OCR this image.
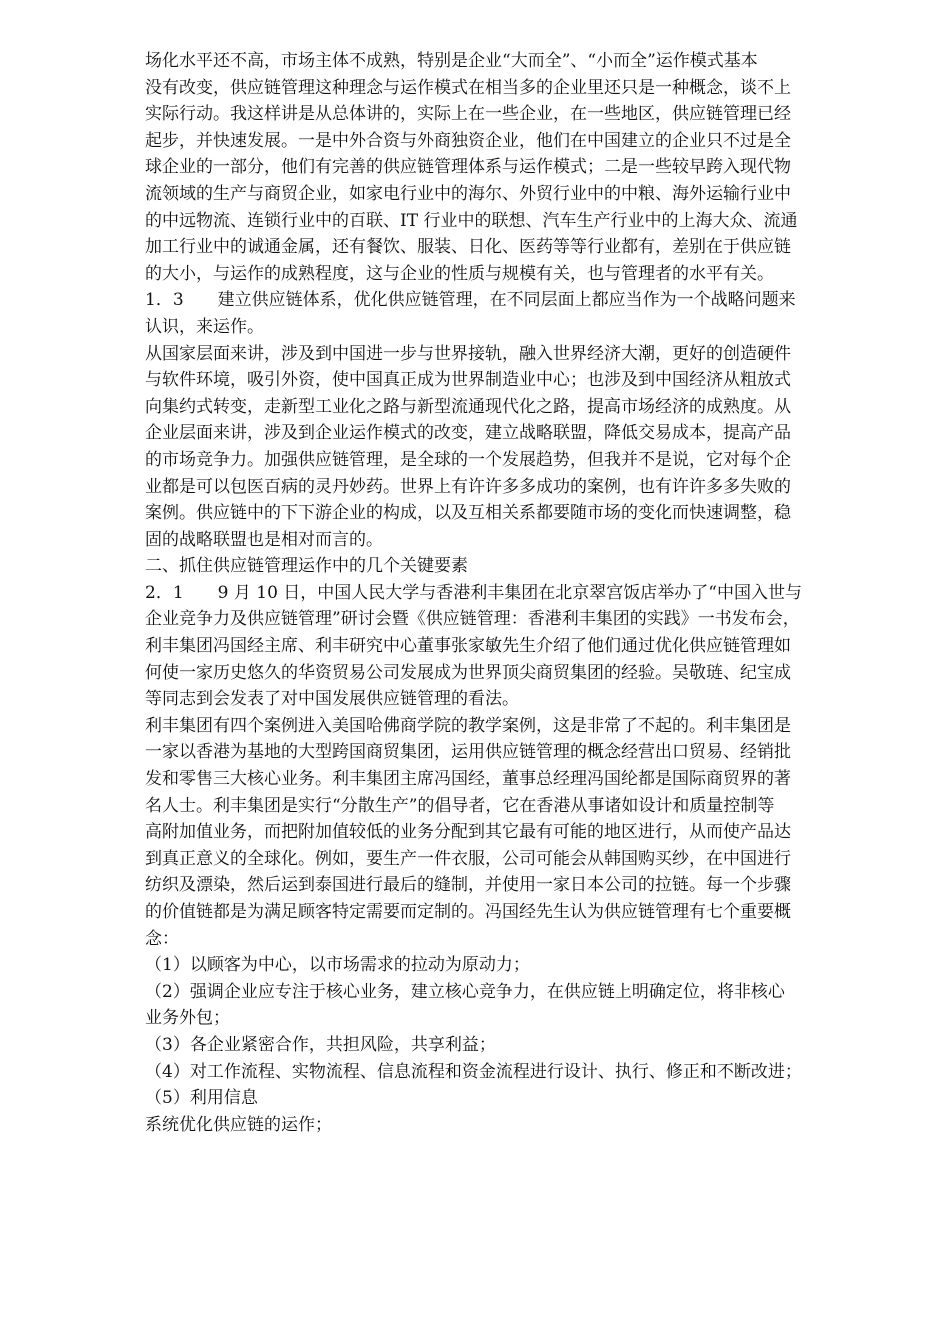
场化水平还不高，市场主体不成熟，特别是企业“大而全”、“小而全”运作模式基本
没有改变，供应链管理这种理念与运作模式在相当多的企业里还只是一种概念，谈不上
实际行动。我这样讲是从总体讲的，实际上在一些企业，在一些地区，供应链管理已经
起步，并快速发展。一是中外合资与外商独资企业，他们在中国建立的企业只不过是全
球企业的一部分，他们有完善的供应链管理体系与运作模式；二是一些较早跨入现代物
流领域的生产与商贸企业，如家电行业中的海尔、外贸行业中的中粮、海外运输行业中
的中远物流、连锁行业中的百联、IT 行业中的联想、汽车生产行业中的上海大众、流通
加工行业中的诚通金属，还有餐饮、服装、日化、医药等等行业都有，差别在于供应链
的大小，与运作的成熟程度，这与企业的性质与规模有关，也与管理者的水平有关。
1．3　　建立供应链体系，优化供应链管理，在不同层面上都应当作为一个战略问题来
认识，来运作。
从国家层面来讲，涉及到中国进一步与世界接轨，融入世界经济大潮，更好的创造硬件
与软件环境，吸引外资，使中国真正成为世界制造业中心；也涉及到中国经济从粗放式
向集约式转变，走新型工业化之路与新型流通现代化之路，提高市场经济的成熟度。从
企业层面来讲，涉及到企业运作模式的改变，建立战略联盟，降低交易成本，提高产品
的市场竞争力。加强供应链管理，是全球的一个发展趋势，但我并不是说，它对每个企
业都是可以包医百病的灵丹妙药。世界上有许许多多成功的案例，也有许许多多失败的
案例。供应链中的下下游企业的构成，以及互相关系都要随市场的变化而快速调整，稳
固的战略联盟也是相对而言的。
二、抓住供应链管理运作中的几个关键要素
2．1　　9 月 10 日，中国人民大学与香港利丰集团在北京翠宫饭店举办了“中国入世与
企业竞争力及供应链管理”研讨会暨《供应链管理：香港利丰集团的实践》一书发布会，
利丰集团冯国经主席、利丰研究中心董事张家敏先生介绍了他们通过优化供应链管理如
何使一家历史悠久的华资贸易公司发展成为世界顶尖商贸集团的经验。吴敬琏、纪宝成
等同志到会发表了对中国发展供应链管理的看法。
利丰集团有四个案例进入美国哈佛商学院的教学案例，这是非常了不起的。利丰集团是
一家以香港为基地的大型跨国商贸集团，运用供应链管理的概念经营出口贸易、经销批
发和零售三大核心业务。利丰集团主席冯国经，董事总经理冯国纶都是国际商贸界的著
名人士。利丰集团是实行“分散生产”的倡导者，它在香港从事诸如设计和质量控制等
高附加值业务，而把附加值较低的业务分配到其它最有可能的地区进行，从而使产品达
到真正意义的全球化。例如，要生产一件衣服，公司可能会从韩国购买纱，在中国进行
纺织及漂染，然后运到泰国进行最后的缝制，并使用一家日本公司的拉链。每一个步骤
的价值链都是为满足顾客特定需要而定制的。冯国经先生认为供应链管理有七个重要概
念：
（1）以顾客为中心，以市场需求的拉动为原动力；
（2）强调企业应专注于核心业务，建立核心竞争力，在供应链上明确定位，将非核心
业务外包；
（3）各企业紧密合作，共担风险，共享利益；
（4）对工作流程、实物流程、信息流程和资金流程进行设计、执行、修正和不断改进；
（5）利用信息
系统优化供应链的运作；
